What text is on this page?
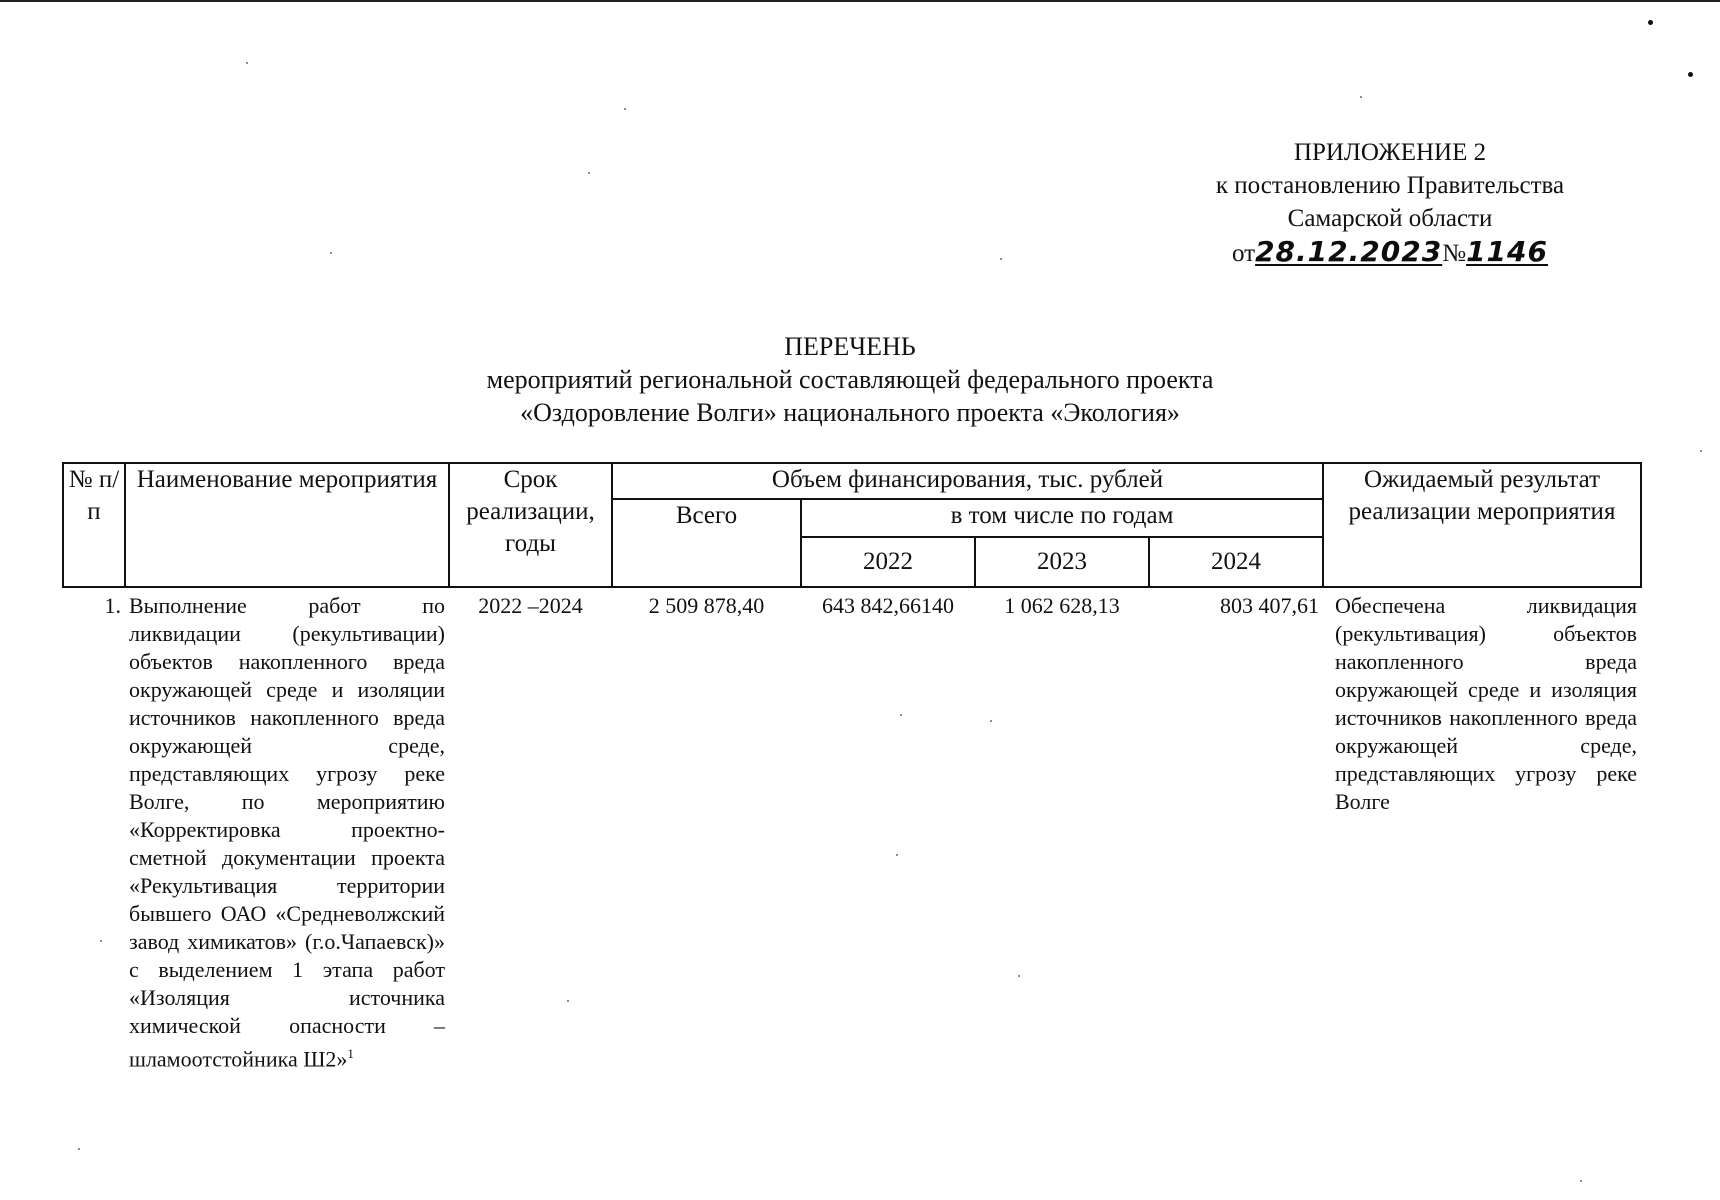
ПРИЛОЖЕНИЕ 2
к постановлению Правительства
Самарской области
от28.12.2023№1146
ПЕРЕЧЕНЬ
мероприятий региональной составляющей федерального проекта
«Оздоровление Волги» национального проекта «Экология»
№ п/п	Наименование мероприятия	Срок реализации, годы	Объем финансирования, тыс. рублей				Ожидаемый результат реализации мероприятия
			Всего	в том числе по годам			
				2022	2023	2024	
1.	Выполнение работ по ликвидации (рекультивации) объектов накопленного вреда окружающей среде и изоляции источников накопленного вреда окружающей среде, представляющих угрозу реке Волге, по мероприятию «Корректировка проектно-сметной документации проекта «Рекультивация территории бывшего ОАО «Средневолжский завод химикатов» (г.о.Чапаевск)» с выделением 1 этапа работ «Изоляция источника химической опасности – шламоотстойника Ш2»$^1$	2022 –2024	2 509 878,40	643 842,66140	1 062 628,13	803 407,61	Обеспечена ликвидация (рекультивация) объектов накопленного вреда окружающей среде и изоляция источников накопленного вреда окружающей среде, представляющих угрозу реке Волге
